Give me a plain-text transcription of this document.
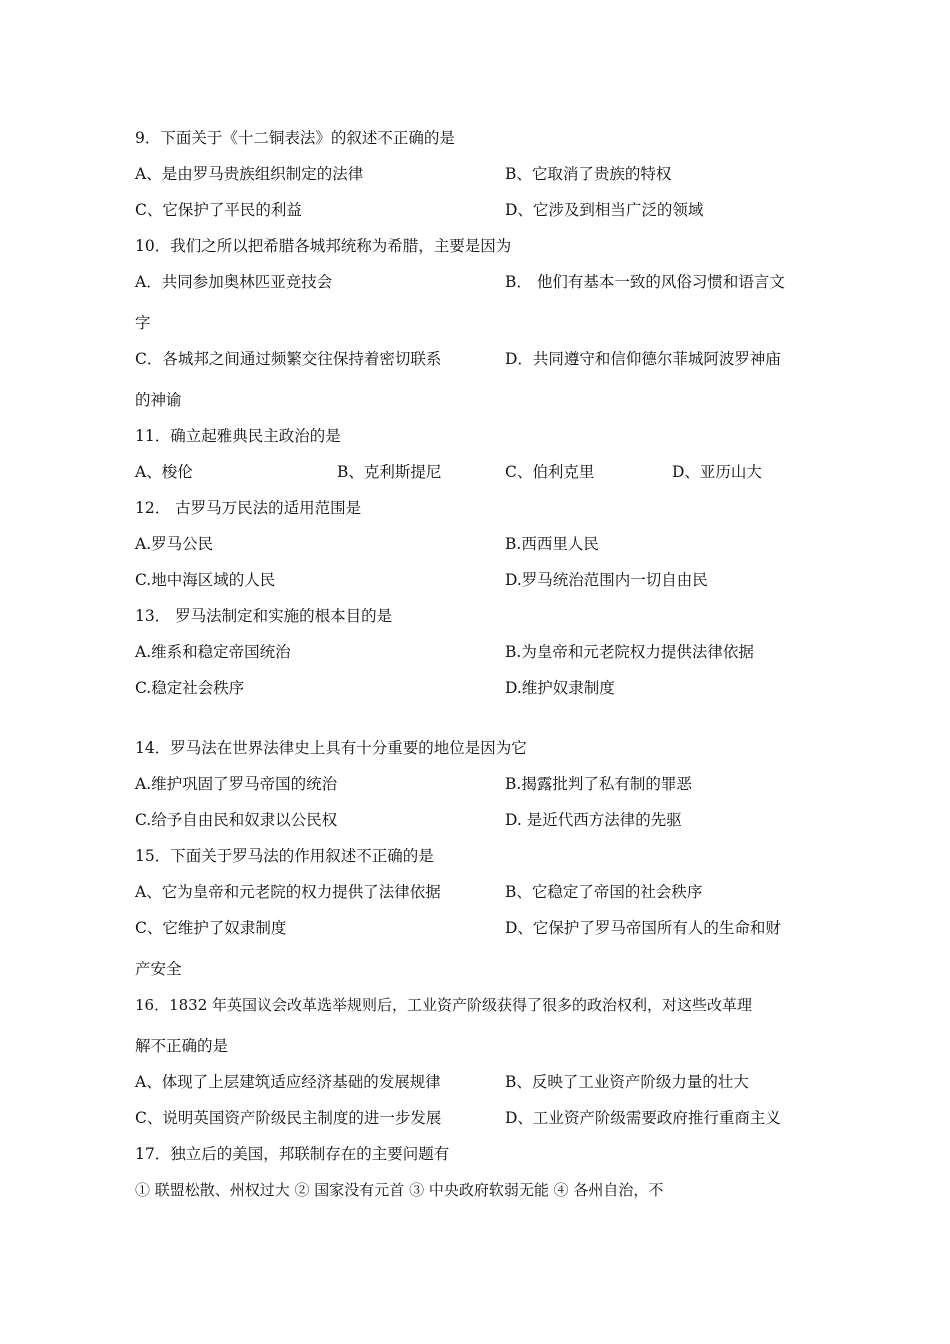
9．下面关于《十二铜表法》的叙述不正确的是
A、是由罗马贵族组织制定的法律	B、它取消了贵族的特权
C、它保护了平民的利益	D、它涉及到相当广泛的领域
10．我们之所以把希腊各城邦统称为希腊，主要是因为
A．共同参加奥林匹亚竞技会	B． 他们有基本一致的风俗习惯和语言文
字
C．各城邦之间通过频繁交往保持着密切联系	D．共同遵守和信仰德尔菲城阿波罗神庙
的神谕
11．确立起雅典民主政治的是
A、梭伦	B、克利斯提尼	C、伯利克里	D、亚历山大
12． 古罗马万民法的适用范围是
A.罗马公民	B.西西里人民
C.地中海区域的人民	D.罗马统治范围内一切自由民
13． 罗马法制定和实施的根本目的是
A.维系和稳定帝国统治	B.为皇帝和元老院权力提供法律依据
C.稳定社会秩序	D.维护奴隶制度
14．罗马法在世界法律史上具有十分重要的地位是因为它
A.维护巩固了罗马帝国的统治	B.揭露批判了私有制的罪恶
C.给予自由民和奴隶以公民权	D. 是近代西方法律的先驱
15．下面关于罗马法的作用叙述不正确的是
A、它为皇帝和元老院的权力提供了法律依据	B、它稳定了帝国的社会秩序
C、它维护了奴隶制度	D、它保护了罗马帝国所有人的生命和财
产安全
16．1832 年英国议会改革选举规则后，工业资产阶级获得了很多的政治权利，对这些改革理
解不正确的是
A、体现了上层建筑适应经济基础的发展规律	B、反映了工业资产阶级力量的壮大
C、说明英国资产阶级民主制度的进一步发展	D、工业资产阶级需要政府推行重商主义
17．独立后的美国，邦联制存在的主要问题有
① 联盟松散、州权过大 ② 国家没有元首 ③ 中央政府软弱无能 ④ 各州自治，不
